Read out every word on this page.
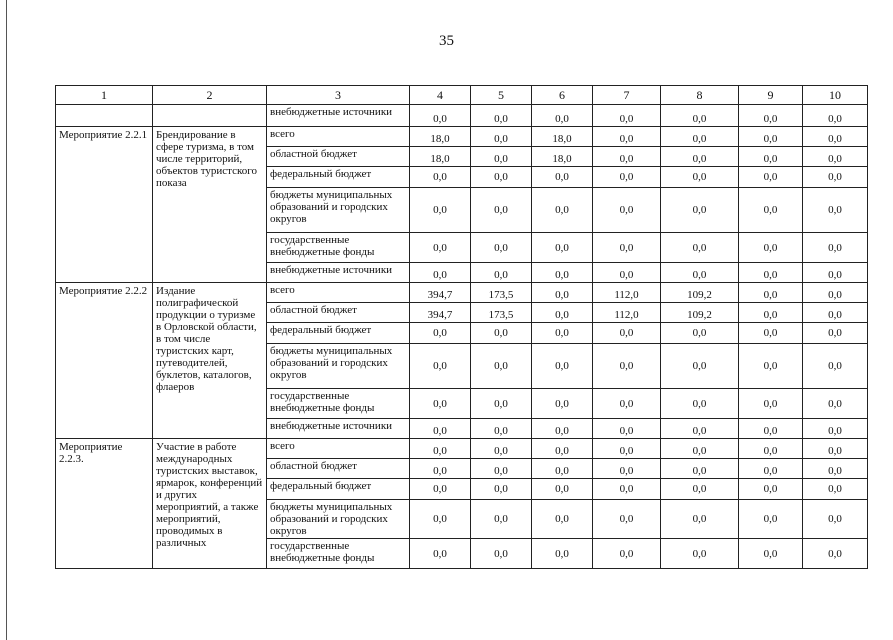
35
1	2	3	4	5	6	7	8	9	10
		внебюджетные источники	0,0	0,0	0,0	0,0	0,0	0,0	0,0
Мероприятие 2.2.1	Брендирование в сфере туризма, в том числе территорий, объектов туристского показа	всего	18,0	0,0	18,0	0,0	0,0	0,0	0,0
		областной бюджет	18,0	0,0	18,0	0,0	0,0	0,0	0,0
		федеральный бюджет	0,0	0,0	0,0	0,0	0,0	0,0	0,0
		бюджеты муниципальных образований и городских округов	0,0	0,0	0,0	0,0	0,0	0,0	0,0
		государственные внебюджетные фонды	0,0	0,0	0,0	0,0	0,0	0,0	0,0
		внебюджетные источники	0,0	0,0	0,0	0,0	0,0	0,0	0,0
Мероприятие 2.2.2	Издание полиграфической продукции о туризме в Орловской области, в том числе туристских карт, путеводителей, буклетов, каталогов, флаеров	всего	394,7	173,5	0,0	112,0	109,2	0,0	0,0
		областной бюджет	394,7	173,5	0,0	112,0	109,2	0,0	0,0
		федеральный бюджет	0,0	0,0	0,0	0,0	0,0	0,0	0,0
		бюджеты муниципальных образований и городских округов	0,0	0,0	0,0	0,0	0,0	0,0	0,0
		государственные внебюджетные фонды	0,0	0,0	0,0	0,0	0,0	0,0	0,0
		внебюджетные источники	0,0	0,0	0,0	0,0	0,0	0,0	0,0
Мероприятие 2.2.3.	Участие в работе международных туристских выставок, ярмарок, конференций и других мероприятий, а также мероприятий, проводимых в различных	всего	0,0	0,0	0,0	0,0	0,0	0,0	0,0
		областной бюджет	0,0	0,0	0,0	0,0	0,0	0,0	0,0
		федеральный бюджет	0,0	0,0	0,0	0,0	0,0	0,0	0,0
		бюджеты муниципальных образований и городских округов	0,0	0,0	0,0	0,0	0,0	0,0	0,0
		государственные внебюджетные фонды	0,0	0,0	0,0	0,0	0,0	0,0	0,0
